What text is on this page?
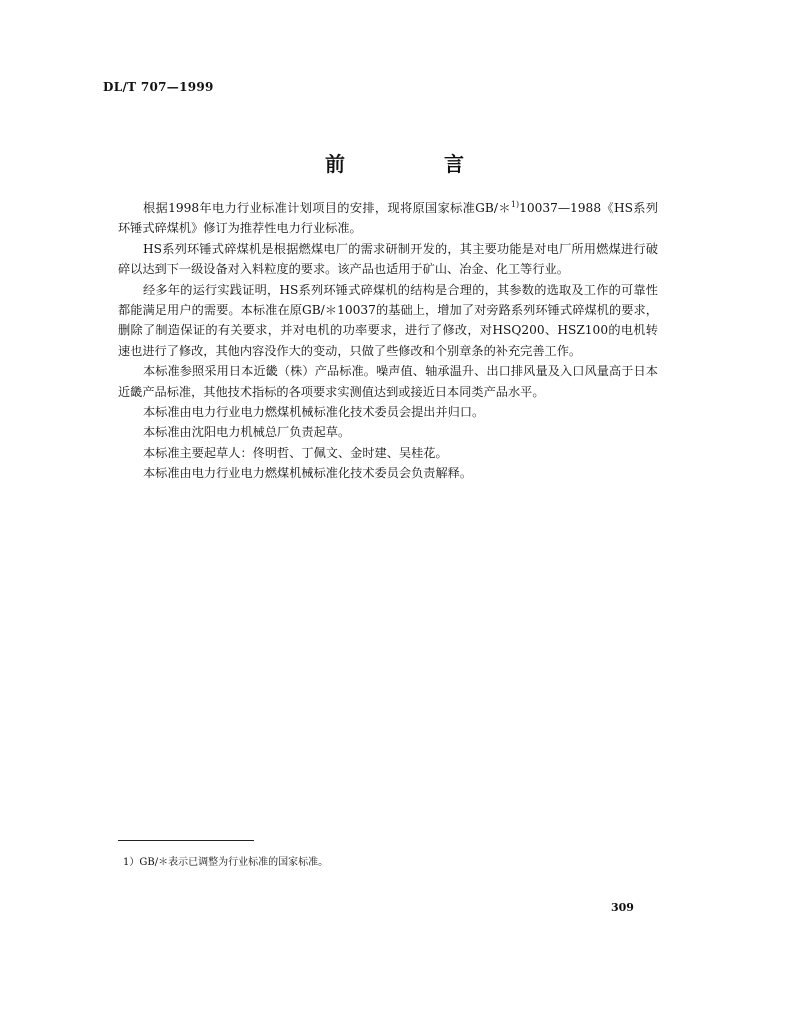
DL/T 707—1999
前 言

根据1998年电力行业标准计划项目的安排，现将原国家标准GB/＊$^{1)}$10037—1988《HS系列环锤式碎煤机》修订为推荐性电力行业标准。

HS系列环锤式碎煤机是根据燃煤电厂的需求研制开发的，其主要功能是对电厂所用燃煤进行破碎以达到下一级设备对入料粒度的要求。该产品也适用于矿山、冶金、化工等行业。

经多年的运行实践证明，HS系列环锤式碎煤机的结构是合理的，其参数的选取及工作的可靠性都能满足用户的需要。本标准在原GB/＊10037的基础上，增加了对旁路系列环锤式碎煤机的要求，删除了制造保证的有关要求，并对电机的功率要求，进行了修改，对HSQ200、HSZ100的电机转速也进行了修改，其他内容没作大的变动，只做了些修改和个别章条的补充完善工作。

本标准参照采用日本近畿（株）产品标准。噪声值、轴承温升、出口排风量及入口风量高于日本近畿产品标准，其他技术指标的各项要求实测值达到或接近日本同类产品水平。

本标准由电力行业电力燃煤机械标准化技术委员会提出并归口。

本标准由沈阳电力机械总厂负责起草。

本标准主要起草人：佟明哲、丁佩文、金时建、吴桂花。

本标准由电力行业电力燃煤机械标准化技术委员会负责解释。

1）GB/＊表示已调整为行业标准的国家标准。
309
